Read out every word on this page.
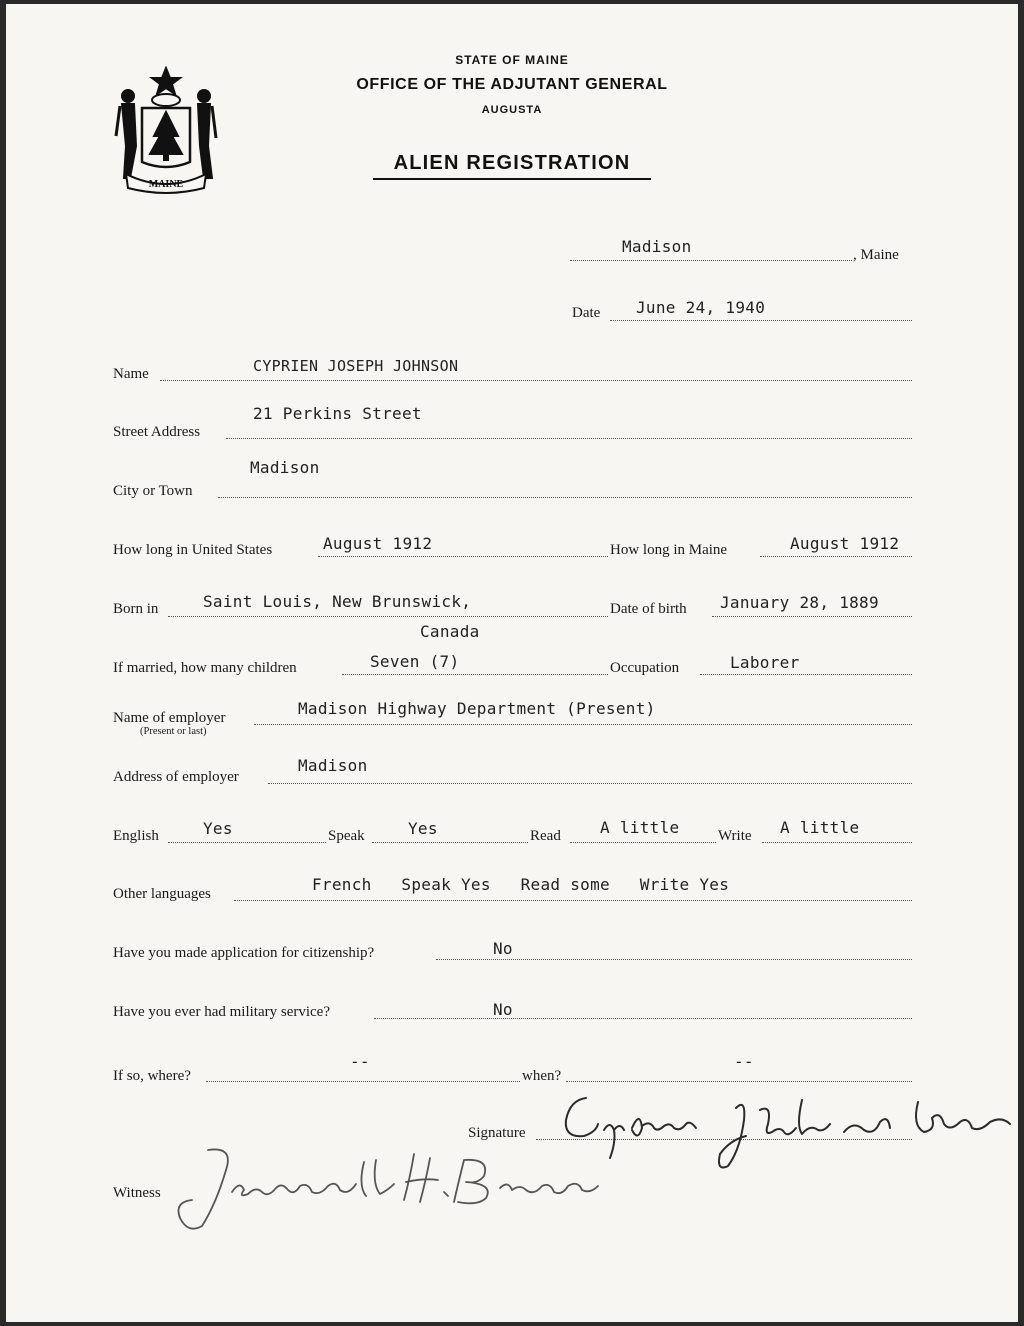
MAINE
STATE OF MAINE
OFFICE OF THE ADJUTANT GENERAL
AUGUSTA
ALIEN REGISTRATION
Madison	, Maine
Date June 24, 1940
Name	CYPRIEN JOSEPH JOHNSON
Street Address
21 Perkins Street
City or Town
Madison
How long in United States	August 1912	How long in Maine	August 1912
Born in	Saint Louis, New Brunswick,
Canada
Date of birth January 28, 1889
If married, how many children	Seven (7)	Occupation	Laborer
Name of employer
(Present or last)
Madison Highway Department (Present)
Address of employer
Madison
English	Yes	Speak	Yes	Read A little	Write A little
Other languages	French   Speak Yes   Read some   Write Yes
Have you made application for citizenship?	No
Have you ever had military service?	No
If so, where?
--
when?
--
Signature
Witness
